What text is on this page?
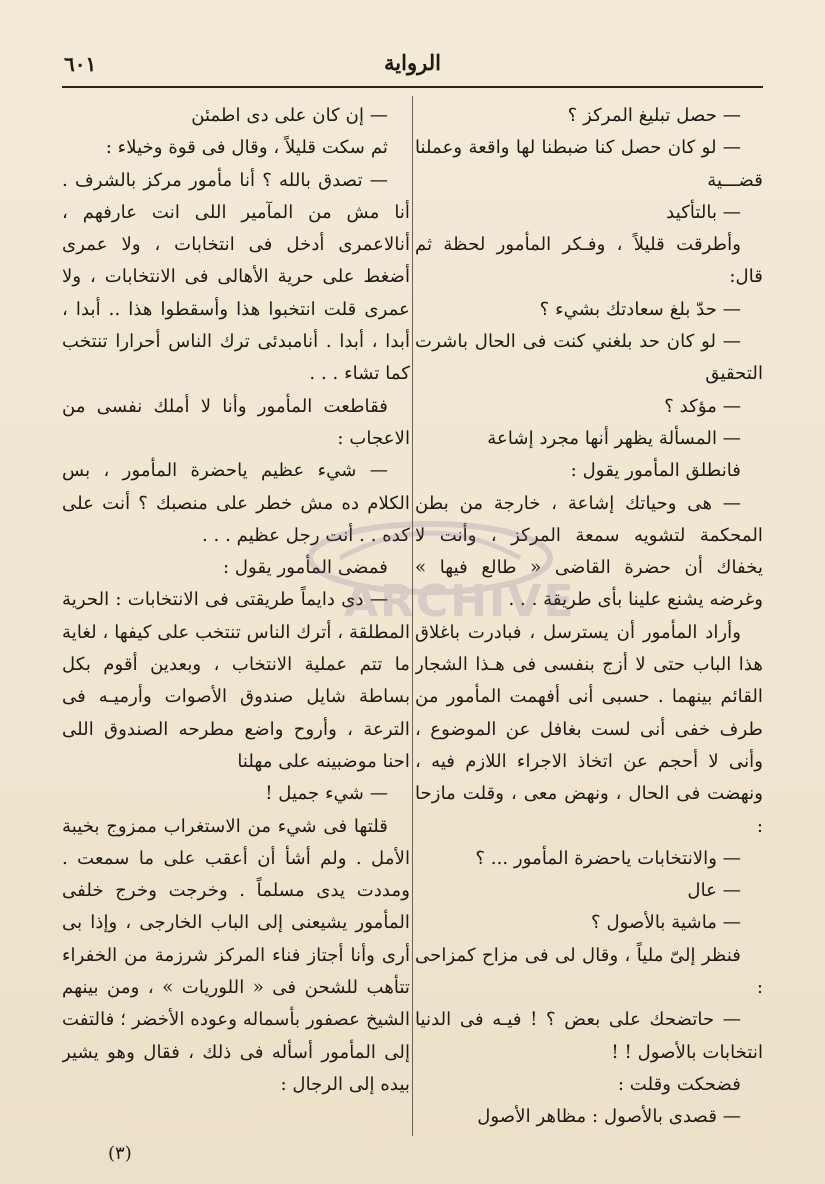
الرواية
٦٠١

— حصل تبليغ المركز ؟

— لو كان حصل كنا ضبطنا لها واقعة وعملنا قضـــية

— بالتأكيد

وأطرقت قليلاً ، وفـكر المأمور لحظة ثم قال:

— حدّ بلغ سعادتك بشيء ؟

— لو كان حد بلغني كنت فى الحال باشرت التحقيق

— مؤكد ؟

— المسألة يظهر أنها مجرد إشاعة

فانطلق المأمور يقول :

— هى وحياتك إشاعة ، خارجة من بطن المحكمة لتشويه سمعة المركز ، وأنت لا يخفاك أن حضرة القاضى « طالع فيها » وغرضه يشنع علينا بأى طريقة . . .

وأراد المأمور أن يسترسل ، فبادرت باغلاق هذا الباب حتى لا أزج بنفسى فى هـذا الشجار القائم بينهما . حسبى أنى أفهمت المأمور من طرف خفى أنى لست بغافل عن الموضوع ، وأنى لا أحجم عن اتخاذ الاجراء اللازم فيه ، ونهضت فى الحال ، ونهض معى ، وقلت مازحا :

— والانتخابات ياحضرة المأمور ... ؟

— عال

— ماشية بالأصول ؟

فنظر إلىّ ملياً ، وقال لى فى مزاح كمزاحى :

— حاتضحك على بعض ؟ ! فيـه فى الدنيا انتخابات بالأصول ! !

فضحكت وقلت :

— قصدى بالأصول : مظاهر الأصول

— إن كان على دى اطمئن

ثم سكت قليلاً ، وقال فى قوة وخيلاء :

— تصدق بالله ؟ أنا مأمور مركز بالشرف . أنا مش من المآمير اللى انت عارفهم ، أنالاعمرى أدخل فى انتخابات ، ولا عمرى أضغط على حرية الأهالى فى الانتخابات ، ولا عمرى قلت انتخبوا هذا وأسقطوا هذا .. أبدا ، أبدا ، أبدا . أنامبدئى ترك الناس أحرارا تنتخب كما تشاء . . .

فقاطعت المأمور وأنا لا أملك نفسى من الاعجاب :

— شيء عظيم ياحضرة المأمور ، بس الكلام ده مش خطر على منصبك ؟ أنت على كده . . أنت رجل عظيم . . .

فمضى المأمور يقول :

— دى دايماً طريقتى فى الانتخابات : الحرية المطلقة ، أترك الناس تنتخب على كيفها ، لغاية ما تتم عملية الانتخاب ، وبعدين أقوم بكل بساطة شايل صندوق الأصوات وأرميـه فى الترعة ، وأروح واضع مطرحه الصندوق اللى احنا موضبينه على مهلنا

— شيء جميل !

قلتها فى شيء من الاستغراب ممزوج بخيبة الأمل . ولم أشأ أن أعقب على ما سمعت . ومددت يدى مسلماً . وخرجت وخرج خلفى المأمور يشيعنى إلى الباب الخارجى ، وإذا بى أرى وأنا أجتاز فناء المركز شرزمة من الخفراء تتأهب للشحن فى « اللوريات » ، ومن بينهم الشيخ عصفور بأسماله وعوده الأخضر ؛ فالتفت إلى المأمور أسأله فى ذلك ، فقال وهو يشير بيده إلى الرجال :

ARCHIVE
(٣)
